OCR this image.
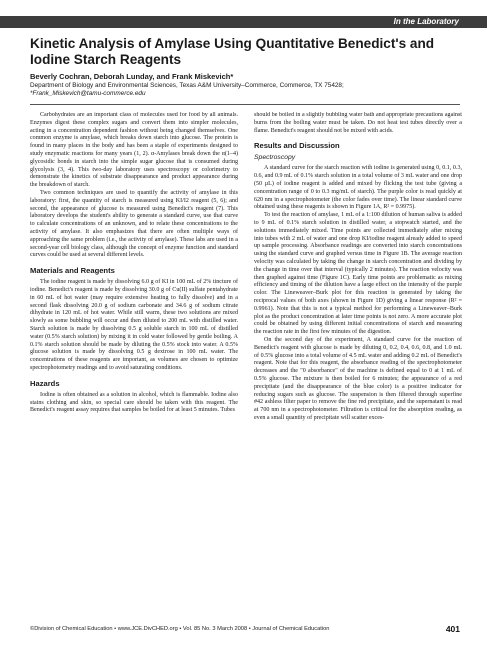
In the Laboratory
Kinetic Analysis of Amylase Using Quantitative Benedict's and Iodine Starch Reagents

Beverly Cochran, Deborah Lunday, and Frank Miskevich*

Department of Biology and Environmental Sciences, Texas A&M University–Commerce, Commerce, TX 75428;
*Frank_Miskevich@tamu-commerce.edu

Carbohydrates are an important class of molecules used for food by all animals. Enzymes digest these complex sugars and convert them into simpler molecules, acting in a concentration dependent fashion without being changed themselves. One common enzyme is amylase, which breaks down starch into glucose. The protein is found in many places in the body and has been a staple of experiments designed to study enzymatic reactions for many years (1, 2). α-Amylases break down the α(1–4) glycosidic bonds in starch into the simple sugar glucose that is consumed during glycolysis (3, 4). This two-day laboratory uses spectroscopy or colorimetry to demonstrate the kinetics of substrate disappearance and product appearance during the breakdown of starch.

Two common techniques are used to quantify the activity of amylase in this laboratory: first, the quantity of starch is measured using KI/I2 reagent (5, 6); and second, the appearance of glucose is measured using Benedict's reagent (7). This laboratory develops the student's ability to generate a standard curve, use that curve to calculate concentrations of an unknown, and to relate these concentrations to the activity of amylase. It also emphasizes that there are often multiple ways of approaching the same problem (i.e., the activity of amylase). These labs are used in a second-year cell biology class, although the concept of enzyme function and standard curves could be used at several different levels.

Materials and Reagents

The iodine reagent is made by dissolving 6.0 g of KI in 100 mL of 2% tincture of iodine. Benedict's reagent is made by dissolving 30.0 g of Cu(II) sulfate pentahydrate in 60 mL of hot water (may require extensive heating to fully dissolve) and in a second flask dissolving 20.0 g of sodium carbonate and 34.6 g of sodium citrate dihydrate in 120 mL of hot water. While still warm, these two solutions are mixed slowly as some bubbling will occur and then diluted to 200 mL with distilled water. Starch solution is made by dissolving 0.5 g soluble starch in 100 mL of distilled water (0.5% starch solution) by mixing it in cold water followed by gentle boiling. A 0.1% starch solution should be made by diluting the 0.5% stock into water. A 0.5% glucose solution is made by dissolving 0.5 g dextrose in 100 mL water. The concentrations of these reagents are important, as volumes are chosen to optimize spectrophotometry readings and to avoid saturating conditions.

Hazards

Iodine is often obtained as a solution in alcohol, which is flammable. Iodine also stains clothing and skin, so special care should be taken with this reagent. The Benedict's reagent assay requires that samples be boiled for at least 5 minutes. Tubes

should be boiled in a slightly bubbling water bath and appropriate precautions against burns from the boiling water must be taken. Do not heat test tubes directly over a flame. Benedict's reagent should not be mixed with acids.

Results and Discussion
Spectroscopy

A standard curve for the starch reaction with iodine is generated using 0, 0.1, 0.3, 0.6, and 0.9 mL of 0.1% starch solution in a total volume of 3 mL water and one drop (50 µL) of iodine reagent is added and mixed by flicking the test tube (giving a concentration range of 0 to 0.3 mg/mL of starch). The purple color is read quickly at 620 nm in a spectrophotometer (the color fades over time). The linear standard curve obtained using these reagents is shown in Figure 1A, R² = 0.9975).

To test the reaction of amylase, 1 mL of a 1:100 dilution of human saliva is added to 9 mL of 0.1% starch solution in distilled water, a stopwatch started, and the solutions immediately mixed. Time points are collected immediately after mixing into tubes with 2 mL of water and one drop KI/iodine reagent already added to speed up sample processing. Absorbance readings are converted into starch concentrations using the standard curve and graphed versus time in Figure 1B. The average reaction velocity was calculated by taking the change in starch concentration and dividing by the change in time over that interval (typically 2 minutes). The reaction velocity was then graphed against time (Figure 1C). Early time points are problematic as mixing efficiency and timing of the dilution have a large effect on the intensity of the purple color. The Lineweaver–Burk plot for this reaction is generated by taking the reciprocal values of both axes (shown in Figure 1D) giving a linear response (R² = 0.9961). Note that this is not a typical method for performing a Lineweaver–Burk plot as the product concentration at later time points is not zero. A more accurate plot could be obtained by using different initial concentrations of starch and measuring the reaction rate in the first few minutes of the digestion.

On the second day of the experiment, A standard curve for the reaction of Benedict's reagent with glucose is made by diluting 0, 0.2, 0.4, 0.6, 0.8, and 1.0 mL of 0.5% glucose into a total volume of 4.5 mL water and adding 0.2 mL of Benedict's reagent. Note that for this reagent, the absorbance reading of the spectrophotometer decreases and the "0 absorbance" of the machine is defined equal to 0 at 1 mL of 0.5% glucose. The mixture is then boiled for 6 minutes; the appearance of a red precipitate (and the disappearance of the blue color) is a positive indicator for reducing sugars such as glucose. The suspension is then filtered through superfine #42 ashless filter paper to remove the fine red precipitate, and the supernatant is read at 700 nm in a spectrophotometer. Filtration is critical for the absorption reading, as even a small quantity of precipitate will scatter exces-

©Division of Chemical Education • www.JCE.DivCHED.org • Vol. 85 No. 3 March 2008 • Journal of Chemical Education	401
